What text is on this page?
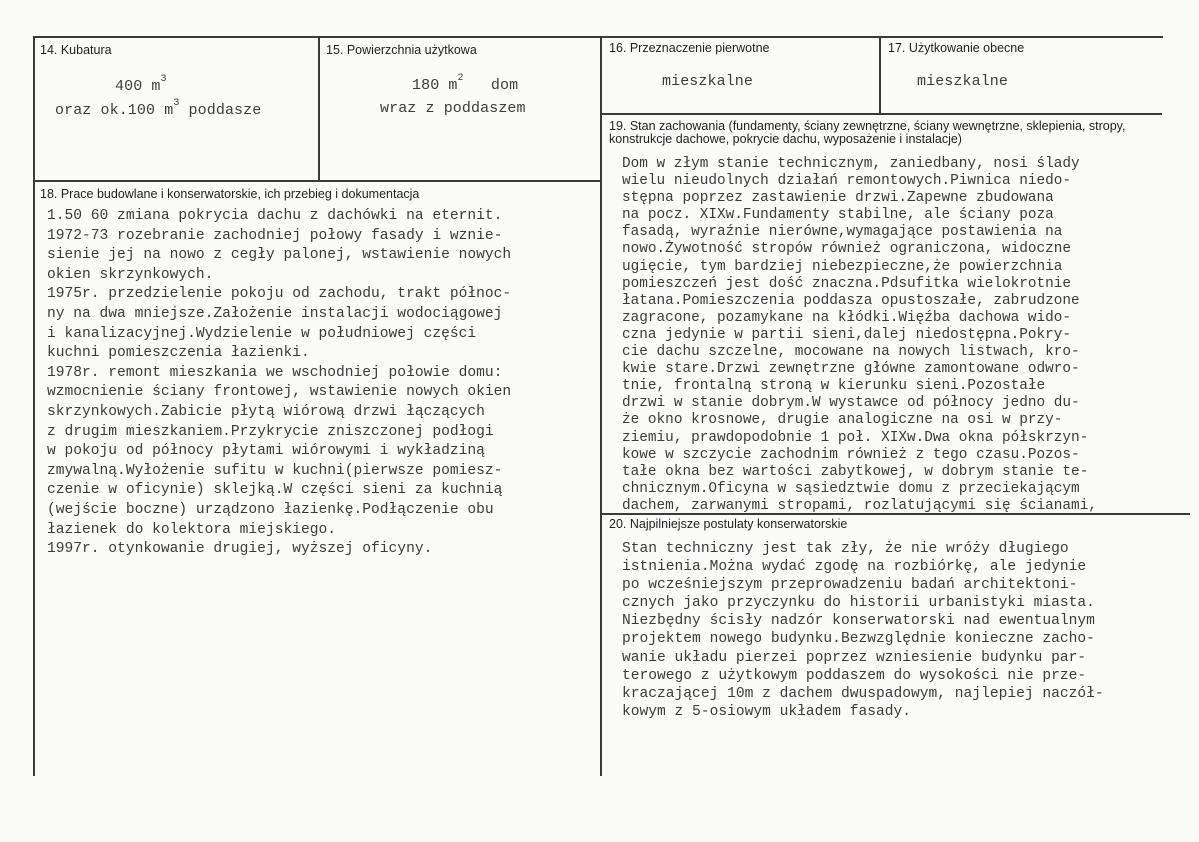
14. Kubatura
400 $m^3$
oraz ok.100 $m^3$ poddasze
15. Powierzchnia użytkowa
180 $m^2$   dom
wraz z poddaszem
16. Przeznaczenie pierwotne
mieszkalne
17. Użytkowanie obecne
mieszkalne
18. Prace budowlane i konserwatorskie, ich przebieg i dokumentacja
1.50 60 zmiana pokrycia dachu z dachówki na eternit.
1972-73 rozebranie zachodniej połowy fasady i wznie-
sienie jej na nowo z cegły palonej, wstawienie nowych
okien skrzynkowych.
1975r. przedzielenie pokoju od zachodu, trakt północ-
ny na dwa mniejsze.Założenie instalacji wodociągowej
i kanalizacyjnej.Wydzielenie w południowej części
kuchni pomieszczenia łazienki.
1978r. remont mieszkania we wschodniej połowie domu:
wzmocnienie ściany frontowej, wstawienie nowych okien
skrzynkowych.Zabicie płytą wiórową drzwi łączących
z drugim mieszkaniem.Przykrycie zniszczonej podłogi
w pokoju od północy płytami wiórowymi i wykładziną
zmywalną.Wyłożenie sufitu w kuchni(pierwsze pomiesz-
czenie w oficynie) sklejką.W części sieni za kuchnią
(wejście boczne) urządzono łazienkę.Podłączenie obu
łazienek do kolektora miejskiego.
1997r. otynkowanie drugiej, wyższej oficyny.
19. Stan zachowania (fundamenty, ściany zewnętrzne, ściany wewnętrzne, sklepienia, stropy, konstrukcje dachowe, pokrycie dachu, wyposażenie i instalacje)
Dom w złym stanie technicznym, zaniedbany, nosi ślady
wielu nieudolnych działań remontowych.Piwnica niedo-
stępna poprzez zastawienie drzwi.Zapewne zbudowana
na pocz. XIXw.Fundamenty stabilne, ale ściany poza
fasadą, wyraźnie nierówne,wymagające postawienia na
nowo.Żywotność stropów również ograniczona, widoczne
ugięcie, tym bardziej niebezpieczne,że powierzchnia
pomieszczeń jest dość znaczna.Pdsufitka wielokrotnie
łatana.Pomieszczenia poddasza opustoszałe, zabrudzone
zagracone, pozamykane na kłódki.Więźba dachowa wido-
czna jedynie w partii sieni,dalej niedostępna.Pokry-
cie dachu szczelne, mocowane na nowych listwach, kro-
kwie stare.Drzwi zewnętrzne główne zamontowane odwro-
tnie, frontalną stroną w kierunku sieni.Pozostałe
drzwi w stanie dobrym.W wystawce od północy jedno du-
że okno krosnowe, drugie analogiczne na osi w przy-
ziemiu, prawdopodobnie 1 poł. XIXw.Dwa okna półskrzyn-
kowe w szczycie zachodnim również z tego czasu.Pozos-
tałe okna bez wartości zabytkowej, w dobrym stanie te-
chnicznym.Oficyna w sąsiedztwie domu z przeciekającym
dachem, zarwanymi stropami, rozlatującymi się ścianami,
20. Najpilniejsze postulaty konserwatorskie
Stan techniczny jest tak zły, że nie wróży długiego
istnienia.Można wydać zgodę na rozbiórkę, ale jedynie
po wcześniejszym przeprowadzeniu badań architektoni-
cznych jako przyczynku do historii urbanistyki miasta.
Niezbędny ścisły nadzór konserwatorski nad ewentualnym
projektem nowego budynku.Bezwzględnie konieczne zacho-
wanie układu pierzei poprzez wzniesienie budynku par-
terowego z użytkowym poddaszem do wysokości nie prze-
kraczającej 10m z dachem dwuspadowym, najlepiej naczół-
kowym z 5-osiowym układem fasady.
